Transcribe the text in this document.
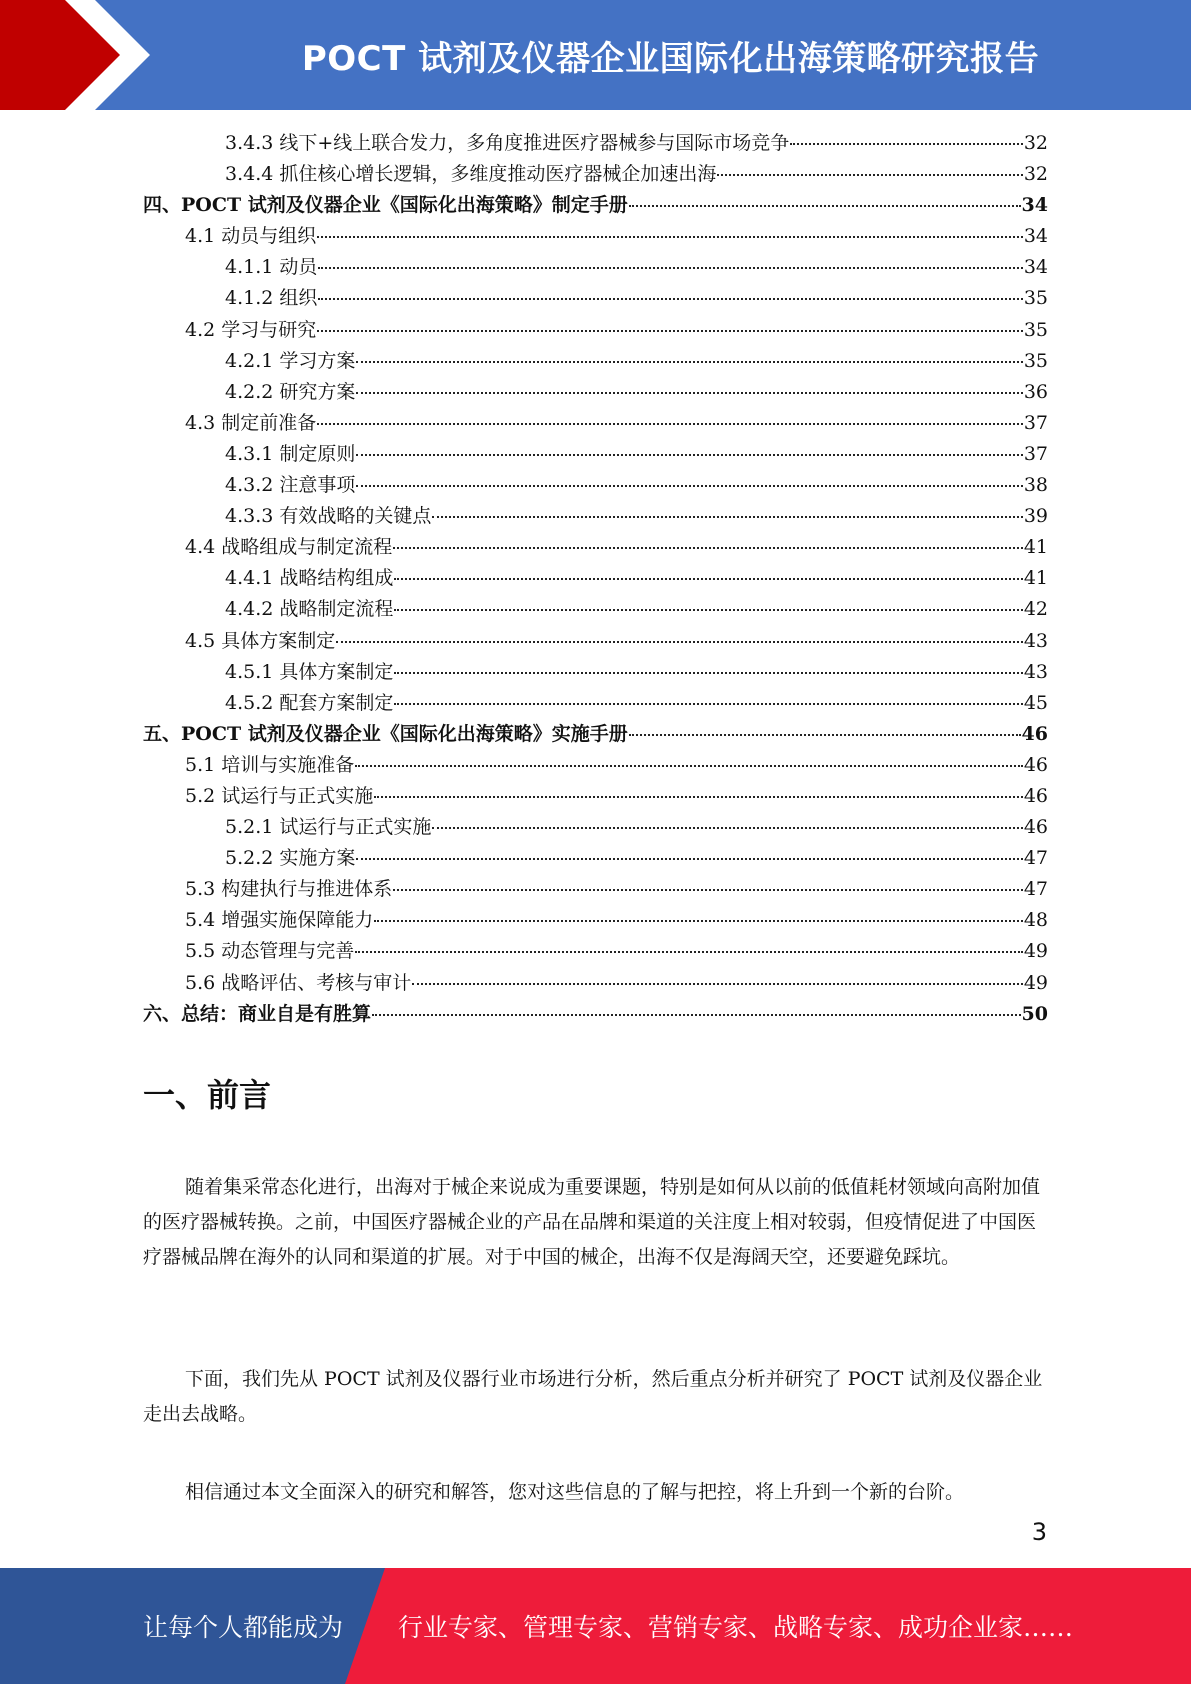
POCT 试剂及仪器企业国际化出海策略研究报告
3.4.3 线下+线上联合发力，多角度推进医疗器械参与国际市场竞争	32
3.4.4 抓住核心增长逻辑，多维度推动医疗器械企加速出海	32
四、POCT 试剂及仪器企业《国际化出海策略》制定手册	34
4.1 动员与组织	34
4.1.1 动员	34
4.1.2 组织	35
4.2 学习与研究	35
4.2.1 学习方案	35
4.2.2 研究方案	36
4.3 制定前准备	37
4.3.1 制定原则	37
4.3.2 注意事项	38
4.3.3 有效战略的关键点	39
4.4 战略组成与制定流程	41
4.4.1 战略结构组成	41
4.4.2 战略制定流程	42
4.5 具体方案制定	43
4.5.1 具体方案制定	43
4.5.2 配套方案制定	45
五、POCT 试剂及仪器企业《国际化出海策略》实施手册	46
5.1 培训与实施准备	46
5.2 试运行与正式实施	46
5.2.1 试运行与正式实施	46
5.2.2 实施方案	47
5.3 构建执行与推进体系	47
5.4 增强实施保障能力	48
5.5 动态管理与完善	49
5.6 战略评估、考核与审计	49
六、总结：商业自是有胜算	50
一、前言

随着集采常态化进行，出海对于械企来说成为重要课题，特别是如何从以前的低值耗材领域向高附加值的医疗器械转换。之前，中国医疗器械企业的产品在品牌和渠道的关注度上相对较弱，但疫情促进了中国医疗器械品牌在海外的认同和渠道的扩展。对于中国的械企，出海不仅是海阔天空，还要避免踩坑。

下面，我们先从 POCT 试剂及仪器行业市场进行分析，然后重点分析并研究了 POCT 试剂及仪器企业走出去战略。

相信通过本文全面深入的研究和解答，您对这些信息的了解与把控，将上升到一个新的台阶。

3
让每个人都能成为 行业专家、管理专家、营销专家、战略专家、成功企业家……
